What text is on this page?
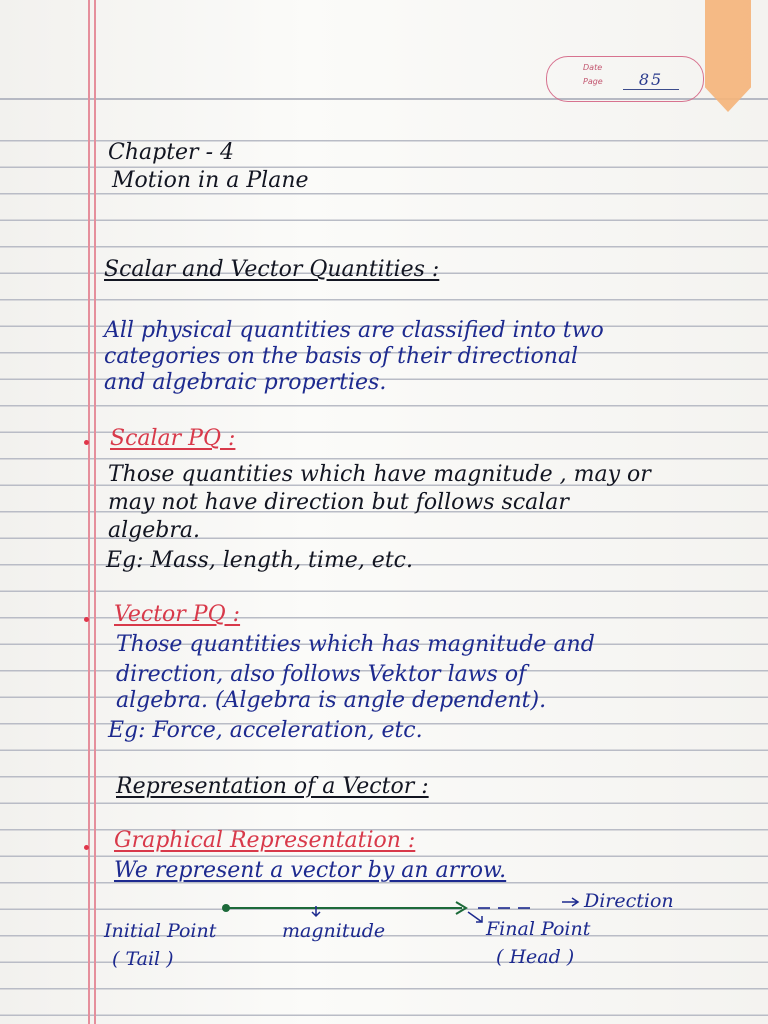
Date
Page	85
Chapter - 4
Motion in a Plane
Scalar and Vector Quantities :
All physical quantities are classified into two
categories on the basis of their directional
and algebraic properties.
Scalar PQ :
Those quantities which have magnitude , may or
may not have direction but follows scalar
algebra.
Eg: Mass, length, time, etc.
Vector PQ :
Those quantities which has magnitude and
direction, also follows Vektor laws of
algebra. (Algebra is angle dependent).
Eg: Force, acceleration, etc.
Representation of a Vector :
Graphical Representation :
We represent a vector by an arrow.
Direction
Initial Point
( Tail )
magnitude	Final Point
( Head )
